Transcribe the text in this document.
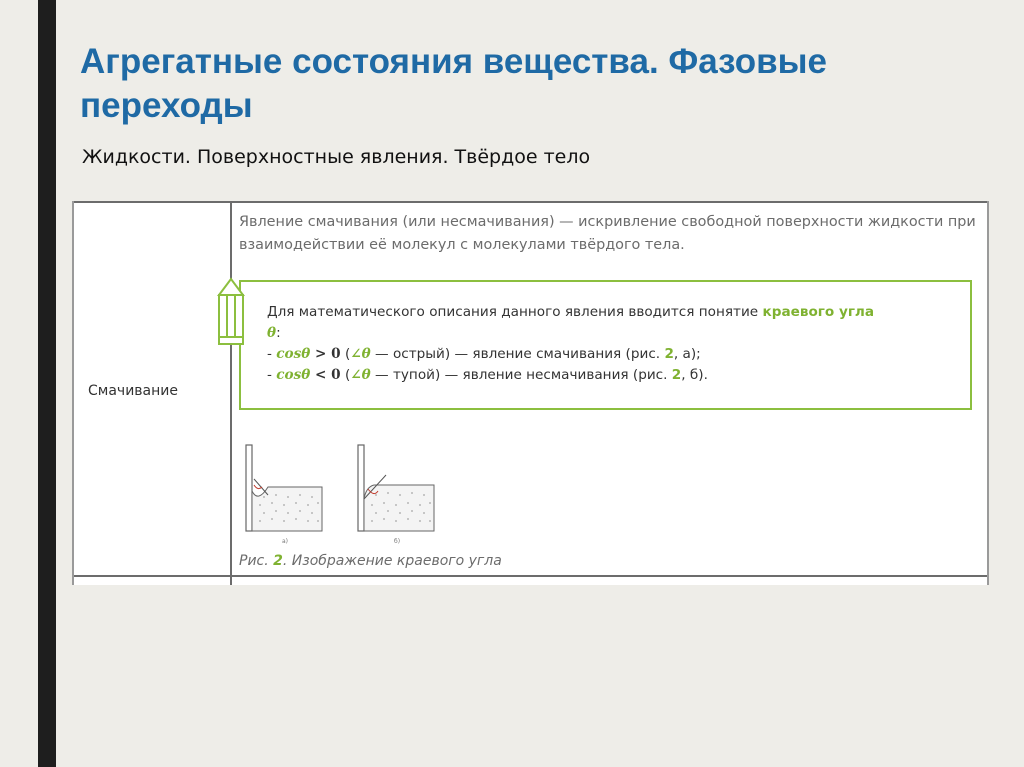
Агрегатные состояния вещества. Фазовые переходы
Жидкости. Поверхностные явления. Твёрдое тело
Смачивание
Явление смачивания (или несмачивания) — искривление свободной поверхности жидкости при взаимодействии её молекул с молекулами твёрдого тела.
Для математического описания данного явления вводится понятие краевого угла
θ:
- cosθ > 0 (∠θ — острый) — явление смачивания (рис. 2, а);
- cosθ < 0 (∠θ — тупой) — явление несмачивания (рис. 2, б).
а)	б)
Рис. 2. Изображение краевого угла
